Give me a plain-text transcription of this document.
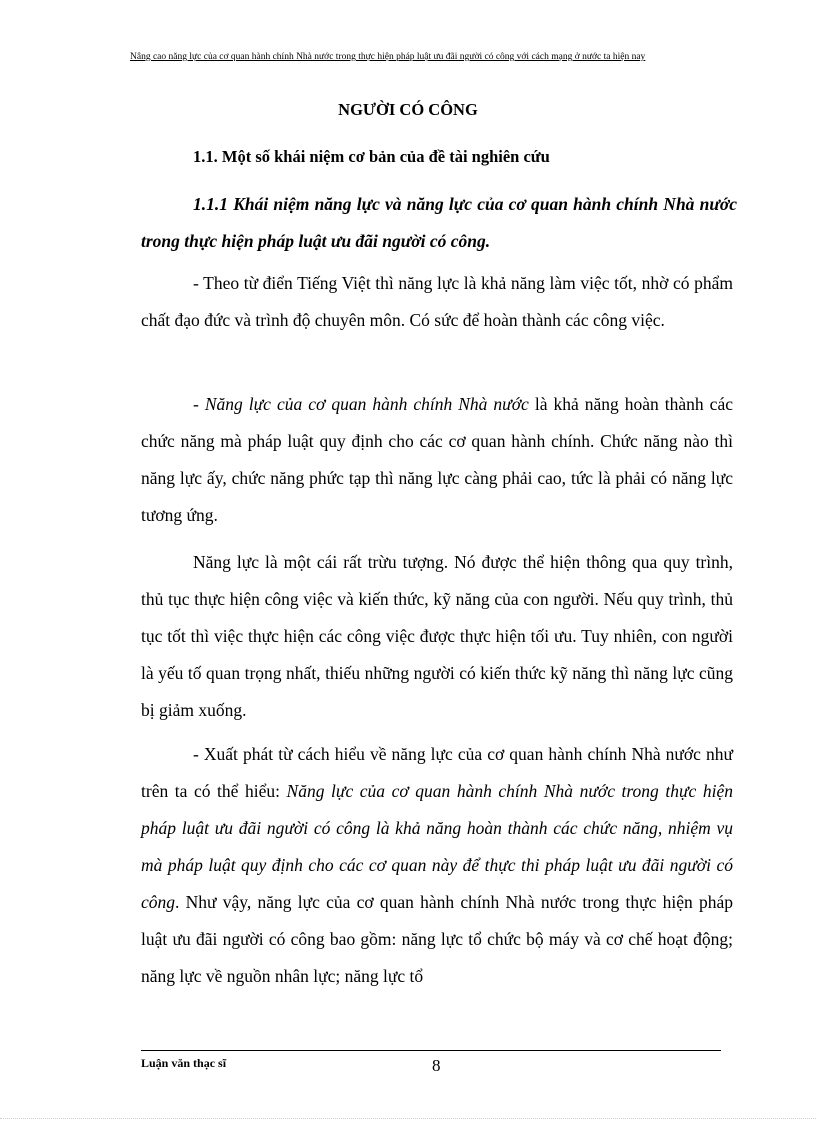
Nâng cao năng lực của cơ quan hành chính Nhà nước trong thực hiện pháp luật ưu đãi người có công với cách mạng ở nước ta hiện nay
NGƯỜI CÓ CÔNG
1.1. Một số khái niệm cơ bản của đề tài nghiên cứu
1.1.1 Khái niệm năng lực và năng lực của cơ quan hành chính Nhà nước trong thực hiện pháp luật ưu đãi người có công.
- Theo từ điển Tiếng Việt thì năng lực là khả năng làm việc tốt, nhờ có phẩm chất đạo đức và trình độ chuyên môn. Có sức để hoàn thành các công việc.
- Năng lực của cơ quan hành chính Nhà nước là khả năng hoàn thành các chức năng mà pháp luật quy định cho các cơ quan hành chính. Chức năng nào thì năng lực ấy, chức năng phức tạp thì năng lực càng phải cao, tức là phải có năng lực tương ứng.
Năng lực là một cái rất trừu tượng. Nó được thể hiện thông qua quy trình, thủ tục thực hiện công việc và kiến thức, kỹ năng của con người. Nếu quy trình, thủ tục tốt thì việc thực hiện các công việc được thực hiện tối ưu. Tuy nhiên, con người là yếu tố quan trọng nhất, thiếu những người có kiến thức kỹ năng thì năng lực cũng bị giảm xuống.
- Xuất phát từ cách hiểu về năng lực của cơ quan hành chính Nhà nước như trên ta có thể hiểu: Năng lực của cơ quan hành chính Nhà nước trong thực hiện pháp luật ưu đãi người có công là khả năng hoàn thành các chức năng, nhiệm vụ mà pháp luật quy định cho các cơ quan này để thực thi pháp luật ưu đãi người có công. Như vậy, năng lực của cơ quan hành chính Nhà nước trong thực hiện pháp luật ưu đãi người có công bao gồm: năng lực tổ chức bộ máy và cơ chế hoạt động; năng lực về nguồn nhân lực; năng lực tổ
Luận văn thạc sĩ	8
